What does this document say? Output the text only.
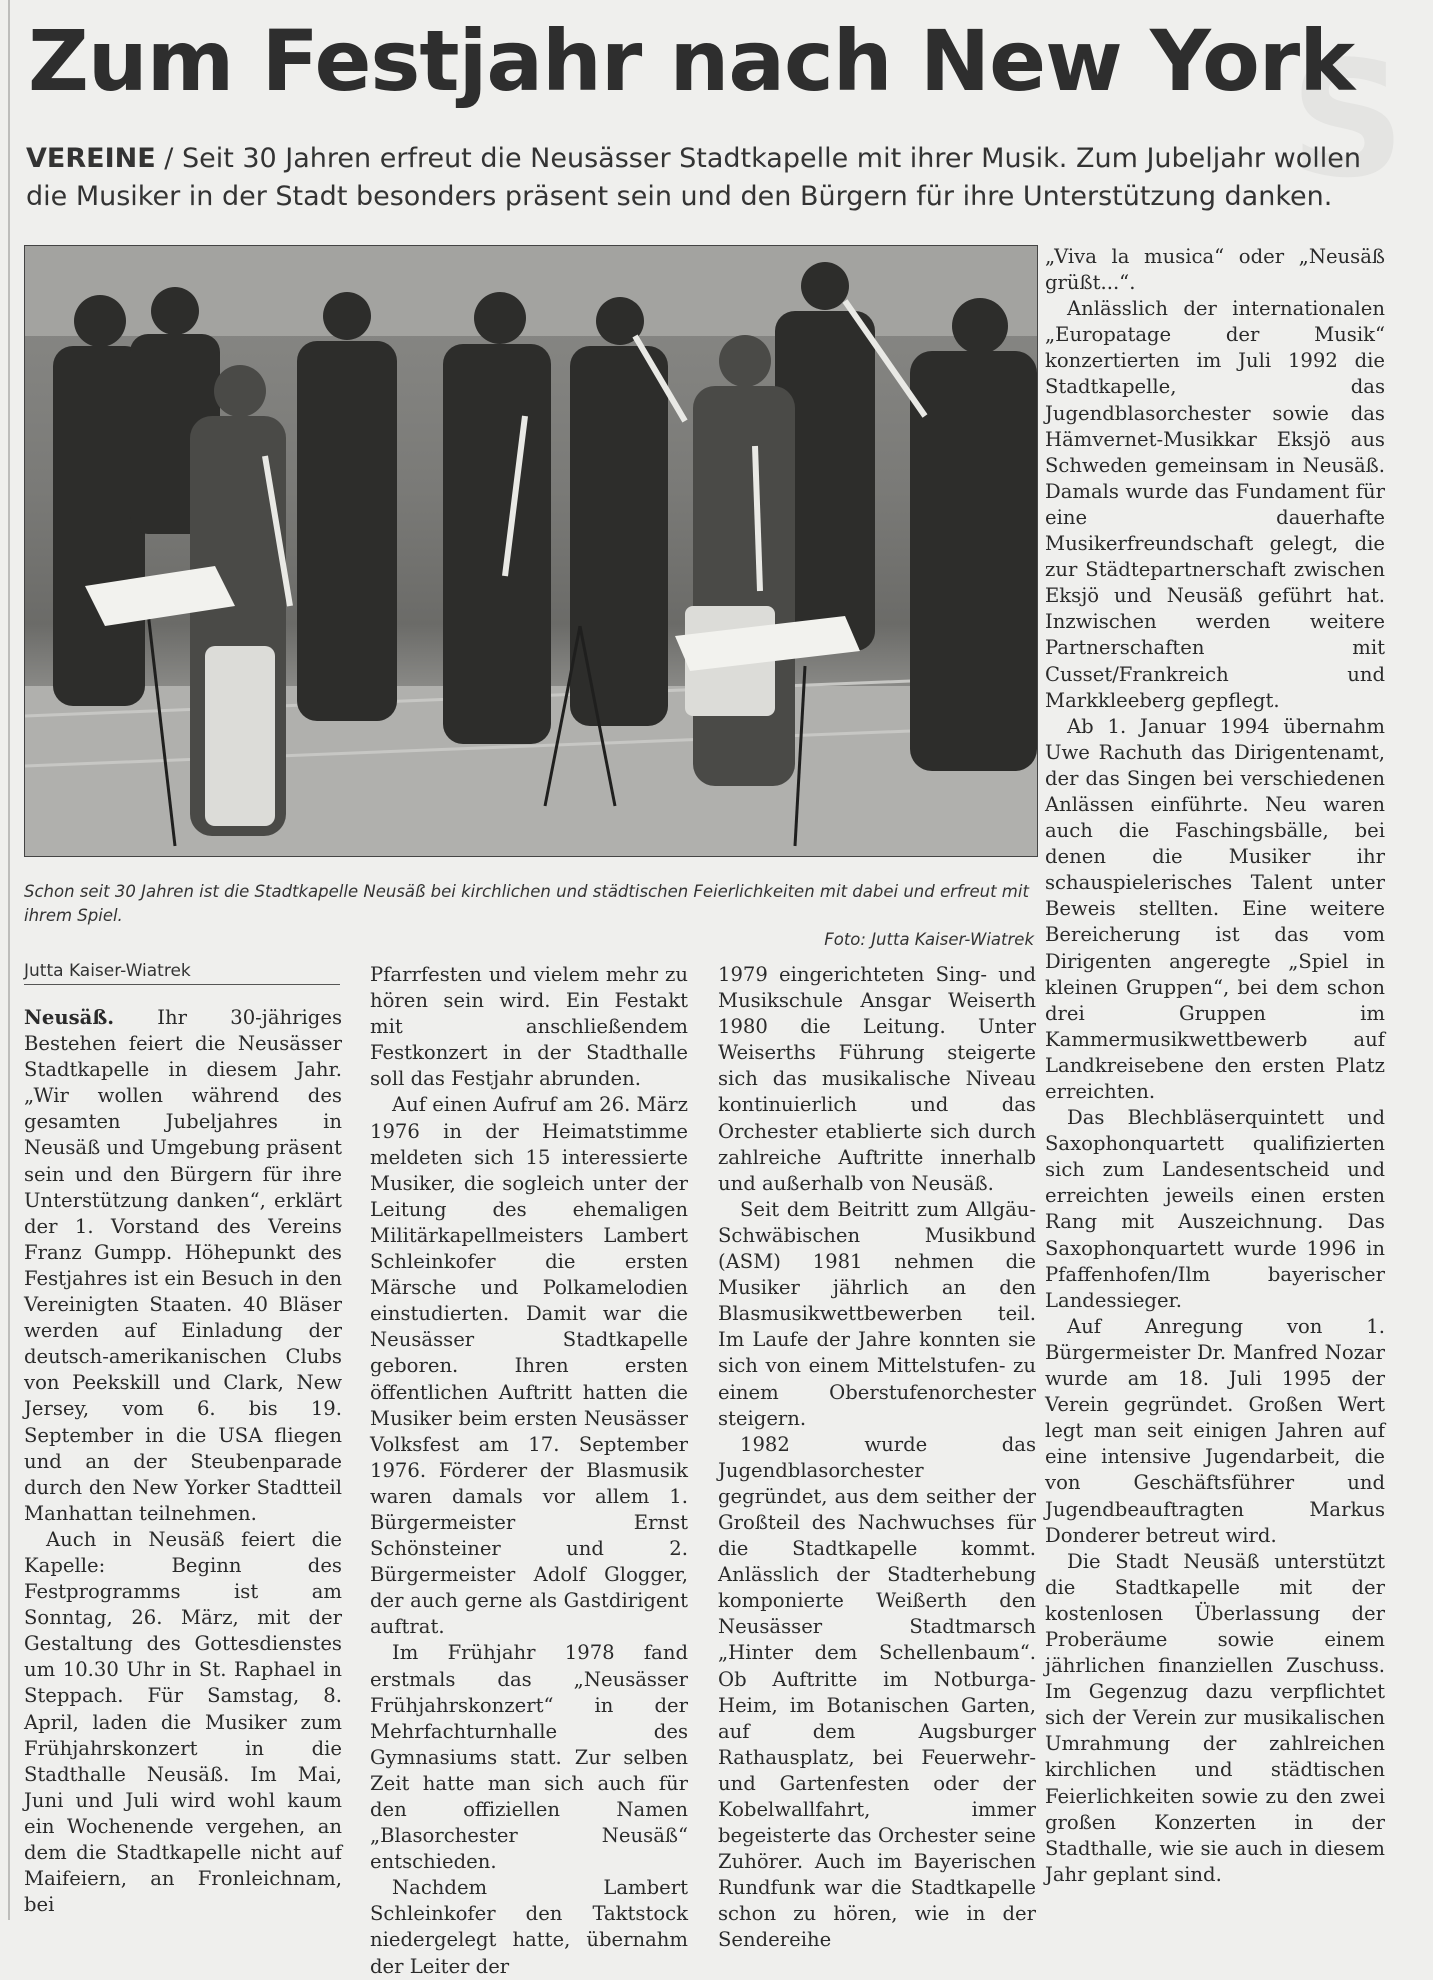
S
Zum Festjahr nach New York

VEREINE / Seit 30 Jahren erfreut die Neusässer Stadtkapelle mit ihrer Musik. Zum Jubeljahr wollen die Musiker in der Stadt besonders präsent sein und den Bürgern für ihre Unterstützung danken.

Schon seit 30 Jahren ist die Stadtkapelle Neusäß bei kirchlichen und städtischen Feierlichkeiten mit dabei und erfreut mit ihrem Spiel.

Foto: Jutta Kaiser-Wiatrek

Jutta Kaiser-Wiatrek

Neusäß. Ihr 30-jähriges Bestehen feiert die Neusässer Stadtkapelle in diesem Jahr. „Wir wollen während des gesamten Jubeljahres in Neusäß und Umgebung präsent sein und den Bürgern für ihre Unterstützung danken“, erklärt der 1. Vorstand des Vereins Franz Gumpp. Höhepunkt des Festjahres ist ein Besuch in den Vereinigten Staaten. 40 Bläser werden auf Einladung der deutsch-amerikanischen Clubs von Peekskill und Clark, New Jersey, vom 6. bis 19. September in die USA fliegen und an der Steubenparade durch den New Yorker Stadtteil Manhattan teilnehmen.

Auch in Neusäß feiert die Kapelle: Beginn des Festprogramms ist am Sonntag, 26. März, mit der Gestaltung des Gottesdienstes um 10.30 Uhr in St. Raphael in Steppach. Für Samstag, 8. April, laden die Musiker zum Frühjahrskonzert in die Stadthalle Neusäß. Im Mai, Juni und Juli wird wohl kaum ein Wochenende vergehen, an dem die Stadtkapelle nicht auf Maifeiern, an Fronleichnam, bei

Pfarrfesten und vielem mehr zu hören sein wird. Ein Festakt mit anschließendem Festkonzert in der Stadthalle soll das Festjahr abrunden.

Auf einen Aufruf am 26. März 1976 in der Heimatstimme meldeten sich 15 interessierte Musiker, die sogleich unter der Leitung des ehemaligen Militärkapellmeisters Lambert Schleinkofer die ersten Märsche und Polkamelodien einstudierten. Damit war die Neusässer Stadtkapelle geboren. Ihren ersten öffentlichen Auftritt hatten die Musiker beim ersten Neusässer Volksfest am 17. September 1976. Förderer der Blasmusik waren damals vor allem 1. Bürgermeister Ernst Schönsteiner und 2. Bürgermeister Adolf Glogger, der auch gerne als Gastdirigent auftrat.

Im Frühjahr 1978 fand erstmals das „Neusässer Frühjahrskonzert“ in der Mehrfachturnhalle des Gymnasiums statt. Zur selben Zeit hatte man sich auch für den offiziellen Namen „Blasorchester Neusäß“ entschieden.

Nachdem Lambert Schleinkofer den Taktstock niedergelegt hatte, übernahm der Leiter der

1979 eingerichteten Sing- und Musikschule Ansgar Weiserth 1980 die Leitung. Unter Weiserths Führung steigerte sich das musikalische Niveau kontinuierlich und das Orchester etablierte sich durch zahlreiche Auftritte innerhalb und außerhalb von Neusäß.

Seit dem Beitritt zum Allgäu-Schwäbischen Musikbund (ASM) 1981 nehmen die Musiker jährlich an den Blasmusikwettbewerben teil. Im Laufe der Jahre konnten sie sich von einem Mittelstufen- zu einem Oberstufenorchester steigern.

1982 wurde das Jugendblasorchester gegründet, aus dem seither der Großteil des Nachwuchses für die Stadtkapelle kommt. Anlässlich der Stadterhebung komponierte Weißerth den Neusässer Stadtmarsch „Hinter dem Schellenbaum“. Ob Auftritte im Notburga-Heim, im Botanischen Garten, auf dem Augsburger Rathausplatz, bei Feuerwehr- und Gartenfesten oder der Kobelwallfahrt, immer begeisterte das Orchester seine Zuhörer. Auch im Bayerischen Rundfunk war die Stadtkapelle schon zu hören, wie in der Sendereihe

„Viva la musica“ oder „Neusäß grüßt...“.

Anlässlich der internationalen „Europatage der Musik“ konzertierten im Juli 1992 die Stadtkapelle, das Jugendblasorchester sowie das Hämvernet-Musikkar Eksjö aus Schweden gemeinsam in Neusäß. Damals wurde das Fundament für eine dauerhafte Musikerfreundschaft gelegt, die zur Städtepartnerschaft zwischen Eksjö und Neusäß geführt hat. Inzwischen werden weitere Partnerschaften mit Cusset/Frankreich und Markkleeberg gepflegt.

Ab 1. Januar 1994 übernahm Uwe Rachuth das Dirigentenamt, der das Singen bei verschiedenen Anlässen einführte. Neu waren auch die Faschingsbälle, bei denen die Musiker ihr schauspielerisches Talent unter Beweis stellten. Eine weitere Bereicherung ist das vom Dirigenten angeregte „Spiel in kleinen Gruppen“, bei dem schon drei Gruppen im Kammermusikwettbewerb auf Landkreisebene den ersten Platz erreichten.

Das Blechbläserquintett und Saxophonquartett qualifizierten sich zum Landesentscheid und erreichten jeweils einen ersten Rang mit Auszeichnung. Das Saxophonquartett wurde 1996 in Pfaffenhofen/Ilm bayerischer Landessieger.

Auf Anregung von 1. Bürgermeister Dr. Manfred Nozar wurde am 18. Juli 1995 der Verein gegründet. Großen Wert legt man seit einigen Jahren auf eine intensive Jugendarbeit, die von Geschäftsführer und Jugendbeauftragten Markus Donderer betreut wird.

Die Stadt Neusäß unterstützt die Stadtkapelle mit der kostenlosen Überlassung der Proberäume sowie einem jährlichen finanziellen Zuschuss. Im Gegenzug dazu verpflichtet sich der Verein zur musikalischen Umrahmung der zahlreichen kirchlichen und städtischen Feierlichkeiten sowie zu den zwei großen Konzerten in der Stadthalle, wie sie auch in diesem Jahr geplant sind.
